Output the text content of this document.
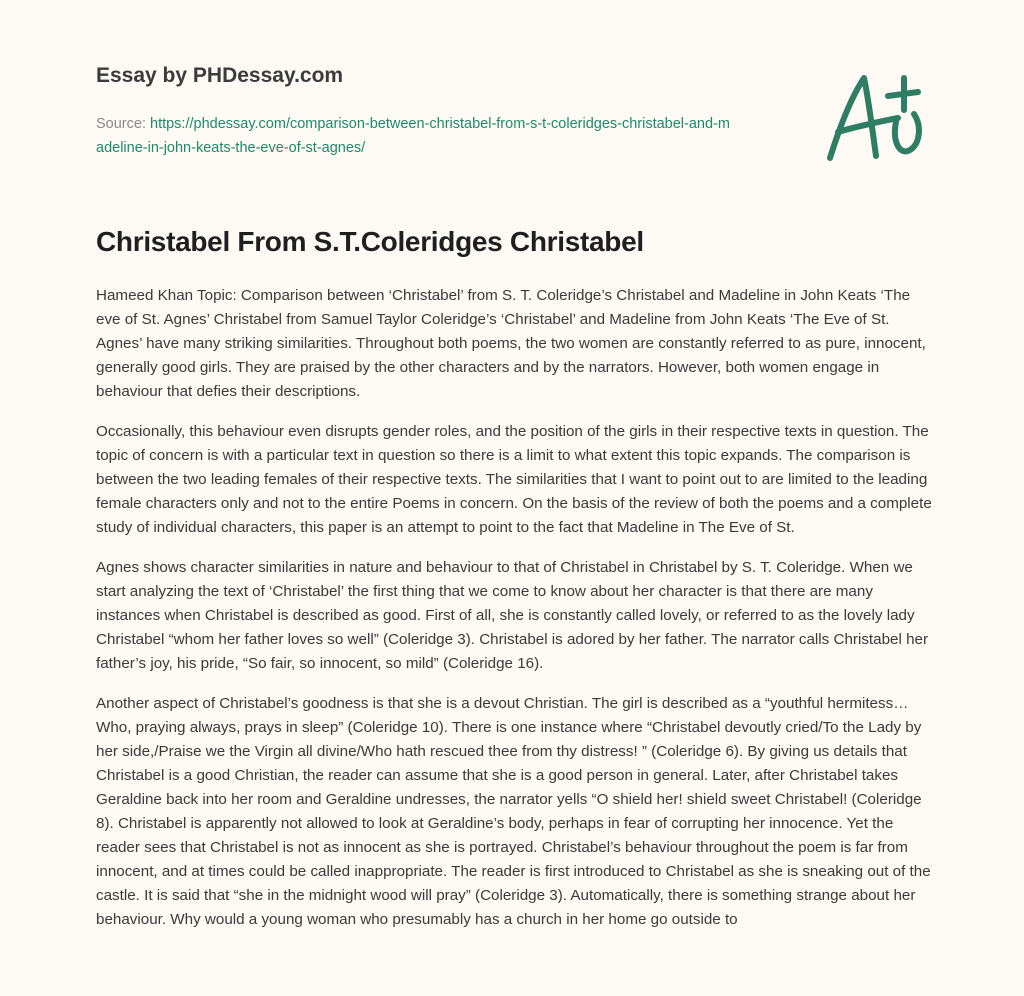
Essay by PHDessay.com

Source: https://phdessay.com/comparison-between-christabel-from-s-t-coleridges-christabel-and-madeline-in-john-keats-the-eve-of-st-agnes/
Christabel From S.T.Coleridges Christabel

Hameed Khan Topic: Comparison between ‘Christabel’ from S. T. Coleridge’s Christabel and Madeline in John Keats ‘The eve of St. Agnes’ Christabel from Samuel Taylor Coleridge’s ‘Christabel’ and Madeline from John Keats ‘The Eve of St. Agnes’ have many striking similarities. Throughout both poems, the two women are constantly referred to as pure, innocent, generally good girls. They are praised by the other characters and by the narrators. However, both women engage in behaviour that defies their descriptions.

Occasionally, this behaviour even disrupts gender roles, and the position of the girls in their respective texts in question. The topic of concern is with a particular text in question so there is a limit to what extent this topic expands. The comparison is between the two leading females of their respective texts. The similarities that I want to point out to are limited to the leading female characters only and not to the entire Poems in concern. On the basis of the review of both the poems and a complete study of individual characters, this paper is an attempt to point to the fact that Madeline in The Eve of St.

Agnes shows character similarities in nature and behaviour to that of Christabel in Christabel by S. T. Coleridge. When we start analyzing the text of ‘Christabel’ the first thing that we come to know about her character is that there are many instances when Christabel is described as good. First of all, she is constantly called lovely, or referred to as the lovely lady Christabel “whom her father loves so well” (Coleridge 3). Christabel is adored by her father. The narrator calls Christabel her father’s joy, his pride, “So fair, so innocent, so mild” (Coleridge 16).

Another aspect of Christabel’s goodness is that she is a devout Christian. The girl is described as a “youthful hermitess… Who, praying always, prays in sleep” (Coleridge 10). There is one instance where “Christabel devoutly cried/To the Lady by her side,/Praise we the Virgin all divine/Who hath rescued thee from thy distress! ” (Coleridge 6). By giving us details that Christabel is a good Christian, the reader can assume that she is a good person in general. Later, after Christabel takes Geraldine back into her room and Geraldine undresses, the narrator yells “O shield her! shield sweet Christabel! (Coleridge 8). Christabel is apparently not allowed to look at Geraldine’s body, perhaps in fear of corrupting her innocence. Yet the reader sees that Christabel is not as innocent as she is portrayed. Christabel’s behaviour throughout the poem is far from innocent, and at times could be called inappropriate. The reader is first introduced to Christabel as she is sneaking out of the castle. It is said that “she in the midnight wood will pray” (Coleridge 3). Automatically, there is something strange about her behaviour. Why would a young woman who presumably has a church in her home go outside to
